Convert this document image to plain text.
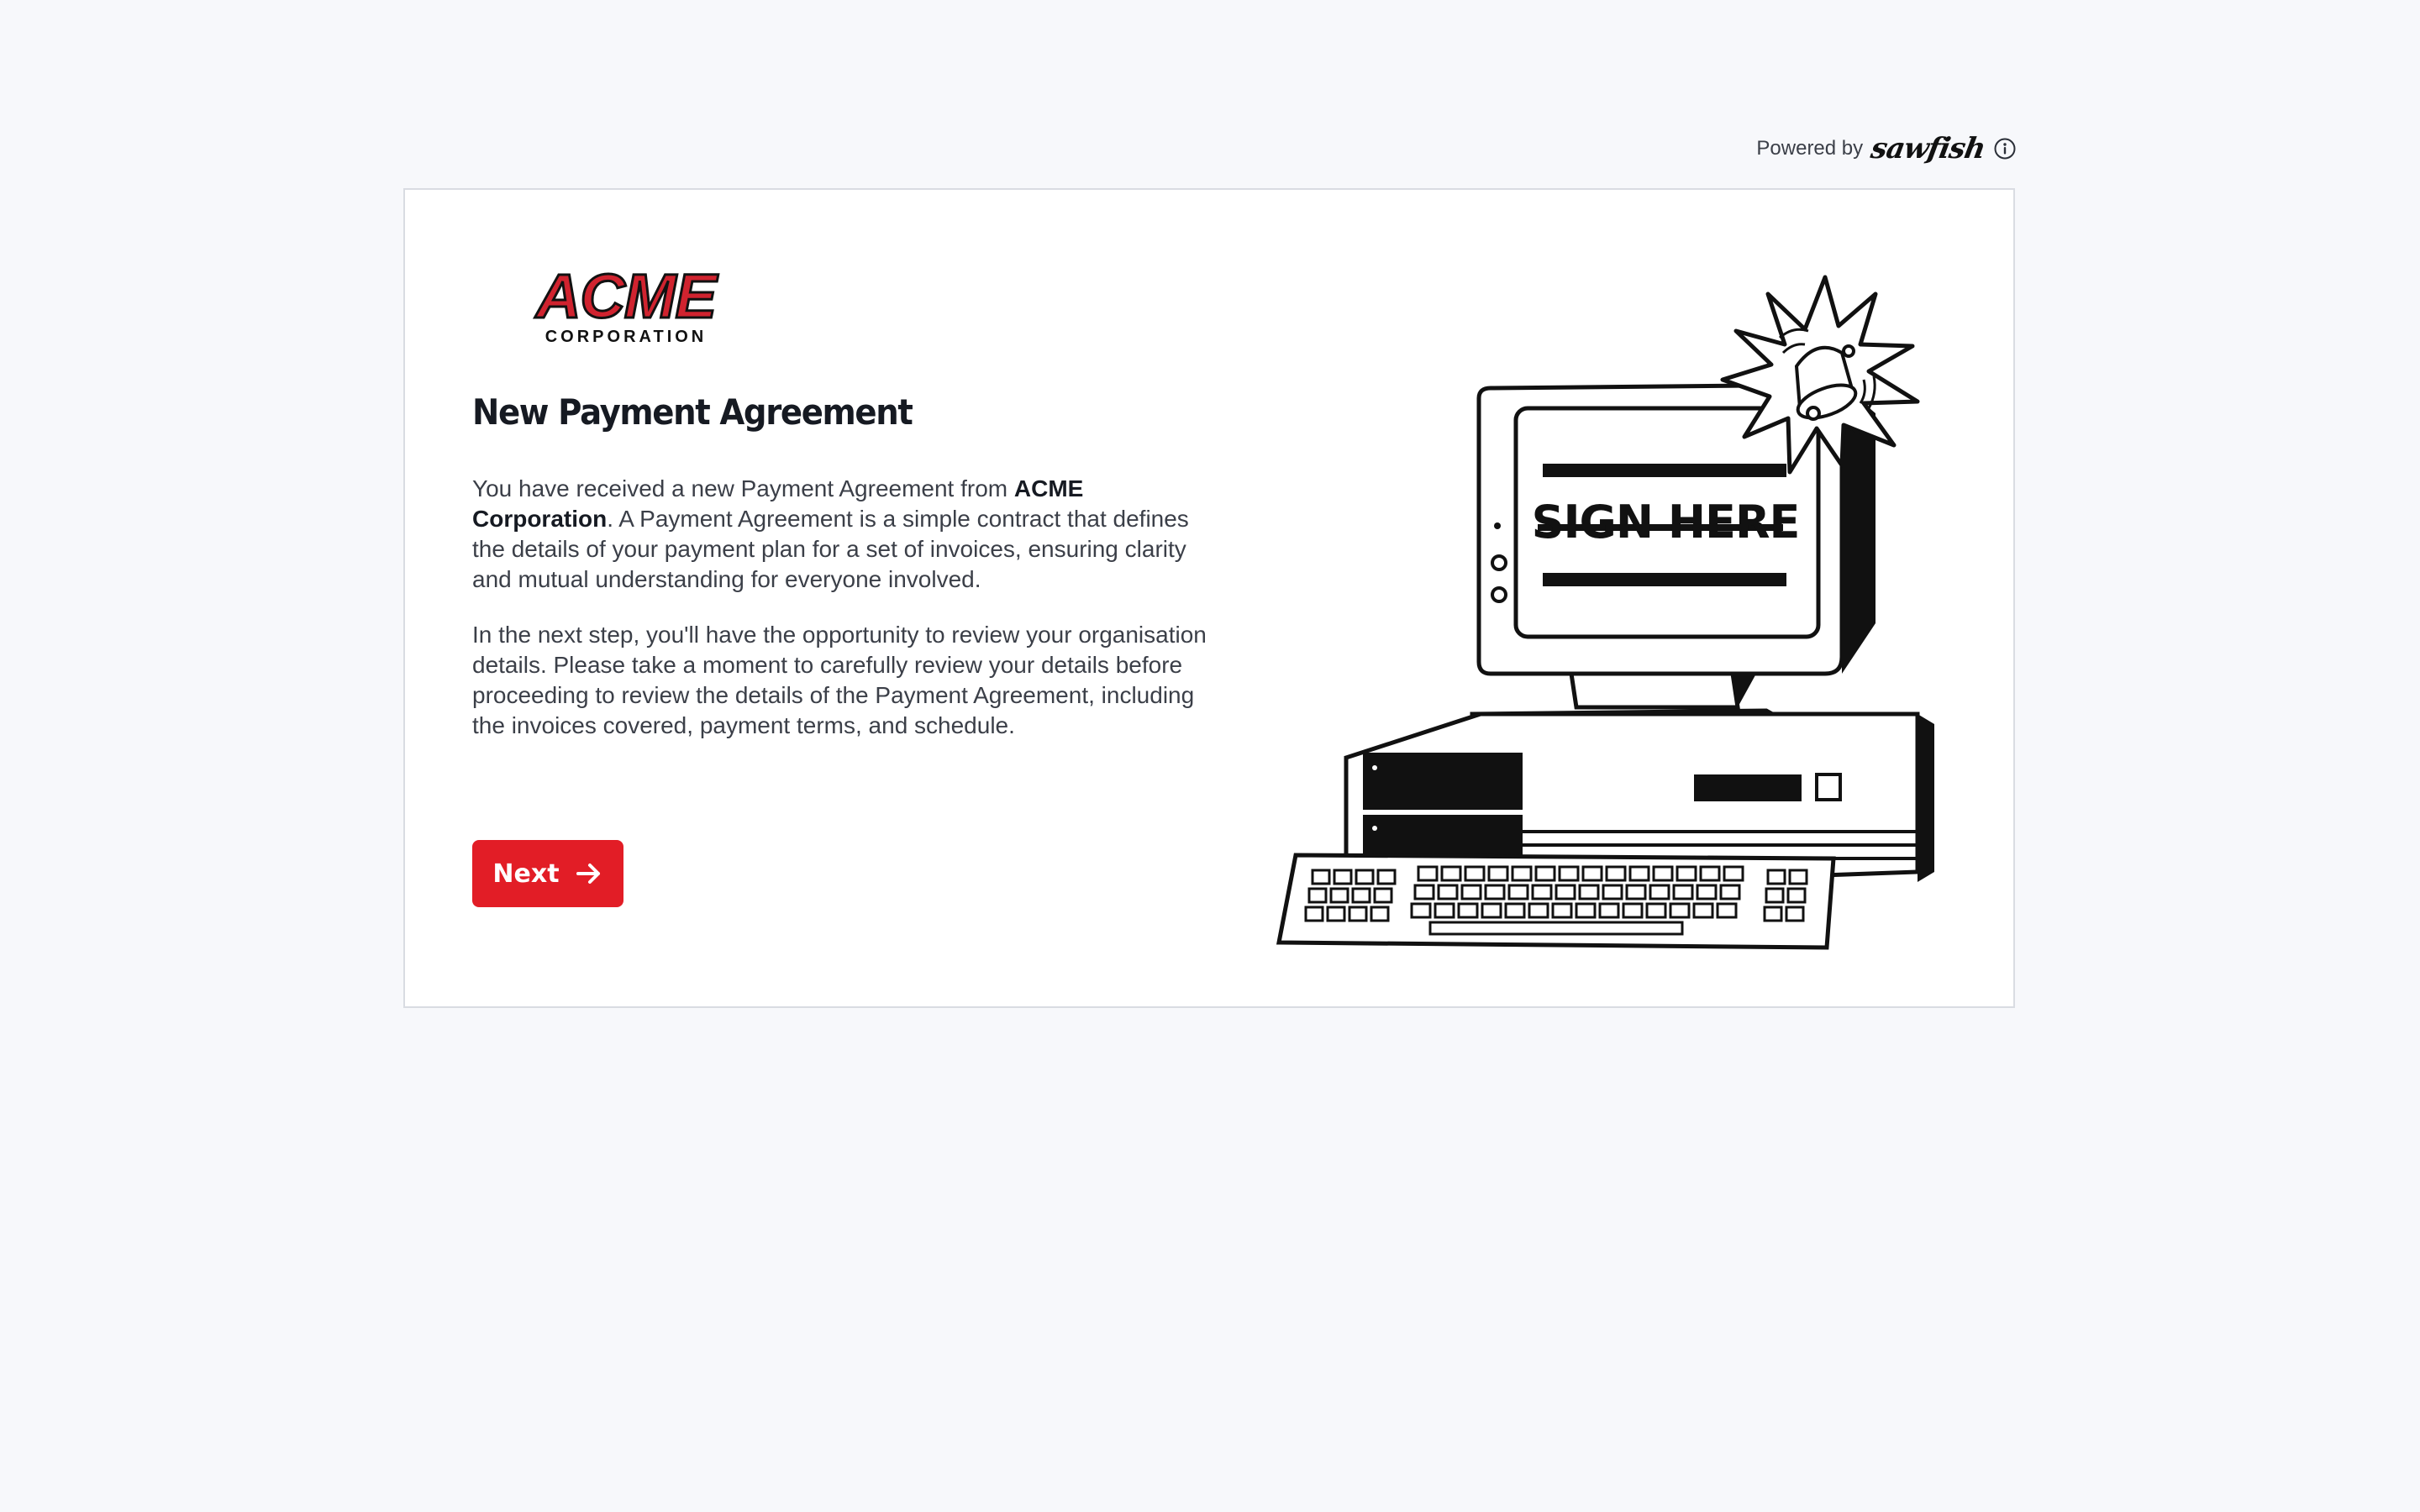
Powered by sawfish
ACME
CORPORATION
New Payment Agreement

You have received a new Payment Agreement from ACME Corporation. A Payment Agreement is a simple contract that defines the details of your payment plan for a set of invoices, ensuring clarity and mutual understanding for everyone involved.

In the next step, you'll have the opportunity to review your organisation details. Please take a moment to carefully review your details before proceeding to review the details of the Payment Agreement, including the invoices covered, payment terms, and schedule.

Next
SIGN HERE
